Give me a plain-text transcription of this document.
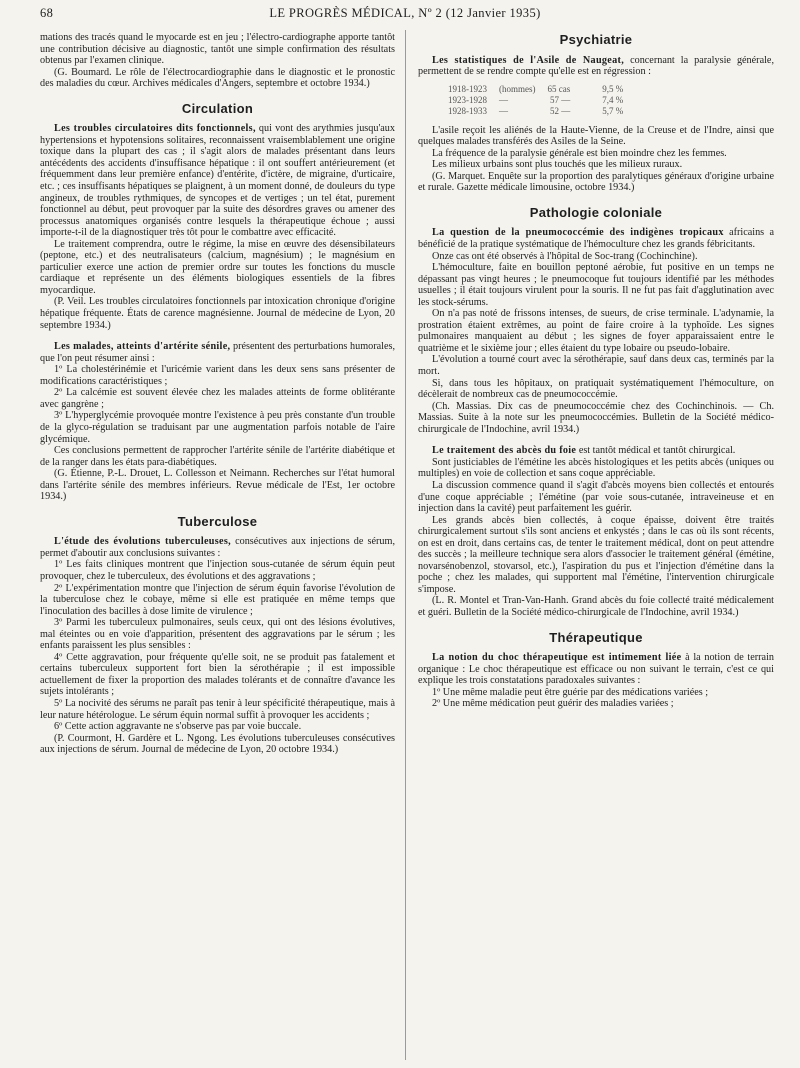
68	LE PROGRÈS MÉDICAL, Nº 2 (12 Janvier 1935)

mations des tracés quand le myocarde est en jeu ; l'électro-cardiographe apporte tantôt une contribution décisive au diagnostic, tantôt une simple confirmation des résultats obtenus par l'examen clinique.

(G. Boumard. Le rôle de l'électrocardiographie dans le diagnostic et le pronostic des maladies du cœur. Archives médicales d'Angers, septembre et octobre 1934.)

Circulation

Les troubles circulatoires dits fonctionnels, qui vont des arythmies jusqu'aux hypertensions et hypotensions solitaires, reconnaissent vraisemblablement une origine toxique dans la plupart des cas ; il s'agit alors de malades présentant dans leurs antécédents des accidents d'insuffisance hépatique : il ont souffert antérieurement (et fréquemment dans leur première enfance) d'entérite, d'ictère, de migraine, d'urticaire, etc. ; ces insuffisants hépatiques se plaignent, à un moment donné, de douleurs du type angineux, de troubles rythmiques, de syncopes et de vertiges ; un tel état, purement fonctionnel au début, peut provoquer par la suite des désordres graves ou amener des processus anatomiques organisés contre lesquels la thérapeutique échoue ; aussi importe-t-il de la diagnostiquer très tôt pour le combattre avec efficacité.

Le traitement comprendra, outre le régime, la mise en œuvre des désensibilateurs (peptone, etc.) et des neutralisateurs (calcium, magnésium) ; le magnésium en particulier exerce une action de premier ordre sur toutes les fonctions du muscle cardiaque et représente un des éléments biologiques essentiels de la fibres myocardique.

(P. Veil. Les troubles circulatoires fonctionnels par intoxication chronique d'origine hépatique fréquente. États de carence magnésienne. Journal de médecine de Lyon, 20 septembre 1934.)

Les malades, atteints d'artérite sénile, présentent des perturbations humorales, que l'on peut résumer ainsi :

1º La cholestérinémie et l'uricémie varient dans les deux sens sans présenter de modifications caractéristiques ;

2º La calcémie est souvent élevée chez les malades atteints de forme oblitérante avec gangrène ;

3º L'hyperglycémie provoquée montre l'existence à peu près constante d'un trouble de la glyco-régulation se traduisant par une augmentation parfois notable de l'aire glycémique.

Ces conclusions permettent de rapprocher l'artérite sénile de l'artérite diabétique et de la ranger dans les états para-diabétiques.

(G. Étienne, P.-L. Drouet, L. Collesson et Neimann. Recherches sur l'état humoral dans l'artérite sénile des membres inférieurs. Revue médicale de l'Est, 1er octobre 1934.)

Tuberculose

L'étude des évolutions tuberculeuses, consécutives aux injections de sérum, permet d'aboutir aux conclusions suivantes :

1º Les faits cliniques montrent que l'injection sous-cutanée de sérum équin peut provoquer, chez le tuberculeux, des évolutions et des aggravations ;

2º L'expérimentation montre que l'injection de sérum équin favorise l'évolution de la tuberculose chez le cobaye, même si elle est pratiquée en même temps que l'inoculation des bacilles à dose limite de virulence ;

3º Parmi les tuberculeux pulmonaires, seuls ceux, qui ont des lésions évolutives, mal éteintes ou en voie d'apparition, présentent des aggravations par le sérum ; les enfants paraissent les plus sensibles :

4º Cette aggravation, pour fréquente qu'elle soit, ne se produit pas fatalement et certains tuberculeux supportent fort bien la sérothérapie ; il est impossible actuellement de fixer la proportion des malades tolérants et de connaître d'avance les sujets intolérants ;

5º La nocivité des sérums ne paraît pas tenir à leur spécificité thérapeutique, mais à leur nature hétérologue. Le sérum équin normal suffit à provoquer les accidents ;

6º Cette action aggravante ne s'observe pas par voie buccale.

(P. Courmont, H. Gardère et L. Ngong. Les évolutions tuberculeuses consécutives aux injections de sérum. Journal de médecine de Lyon, 20 octobre 1934.)

Psychiatrie

Les statistiques de l'Asile de Naugeat, concernant la paralysie générale, permettent de se rendre compte qu'elle est en régression :

1918-1923	(hommes)	65 cas	9,5 %
1923-1928	—	57 —	7,4 %
1928-1933	—	52 —	5,7 %

L'asile reçoit les aliénés de la Haute-Vienne, de la Creuse et de l'Indre, ainsi que quelques malades transférés des Asiles de la Seine.

La fréquence de la paralysie générale est bien moindre chez les femmes.

Les milieux urbains sont plus touchés que les milieux ruraux.

(G. Marquet. Enquête sur la proportion des paralytiques généraux d'origine urbaine et rurale. Gazette médicale limousine, octobre 1934.)

Pathologie coloniale

La question de la pneumococcémie des indigènes tropicaux africains a bénéficié de la pratique systématique de l'hémoculture chez les grands fébricitants.

Onze cas ont été observés à l'hôpital de Soc-trang (Cochinchine).

L'hémoculture, faite en bouillon peptoné aérobie, fut positive en un temps ne dépassant pas vingt heures ; le pneumocoque fut toujours identifié par les méthodes usuelles ; il était toujours virulent pour la souris. Il ne fut pas fait d'agglutination avec les stock-sérums.

On n'a pas noté de frissons intenses, de sueurs, de crise terminale. L'adynamie, la prostration étaient extrêmes, au point de faire croire à la typhoïde. Les signes pulmonaires manquaient au début ; les signes de foyer apparaissaient entre le quatrième et le sixième jour ; elles étaient du type lobaire ou pseudo-lobaire.

L'évolution a tourné court avec la sérothérapie, sauf dans deux cas, terminés par la mort.

Si, dans tous les hôpitaux, on pratiquait systématiquement l'hémoculture, on décèlerait de nombreux cas de pneumococcémie.

(Ch. Massias. Dix cas de pneumococcémie chez des Cochinchinois. — Ch. Massias. Suite à la note sur les pneumococcémies. Bulletin de la Société médico-chirurgicale de l'Indochine, avril 1934.)

Le traitement des abcès du foie est tantôt médical et tantôt chirurgical.

Sont justiciables de l'émétine les abcès histologiques et les petits abcès (uniques ou multiples) en voie de collection et sans coque appréciable.

La discussion commence quand il s'agit d'abcès moyens bien collectés et entourés d'une coque appréciable ; l'émétine (par voie sous-cutanée, intraveineuse et en injection dans la cavité) peut parfaitement les guérir.

Les grands abcès bien collectés, à coque épaisse, doivent être traités chirurgicalement surtout s'ils sont anciens et enkystés ; dans le cas où ils sont récents, on est en droit, dans certains cas, de tenter le traitement médical, dont on peut attendre des succès ; la meilleure technique sera alors d'associer le traitement général (émétine, novarsénobenzol, stovarsol, etc.), l'aspiration du pus et l'injection d'émétine dans la poche ; chez les malades, qui supportent mal l'émétine, l'intervention chirurgicale s'impose.

(L. R. Montel et Tran-Van-Hanh. Grand abcès du foie collecté traité médicalement et guéri. Bulletin de la Société médico-chirurgicale de l'Indochine, avril 1934.)

Thérapeutique

La notion du choc thérapeutique est intimement liée à la notion de terrain organique : Le choc thérapeutique est efficace ou non suivant le terrain, c'est ce qui explique les trois constatations paradoxales suivantes :

1º Une même maladie peut être guérie par des médications variées ;

2º Une même médication peut guérir des maladies variées ;
